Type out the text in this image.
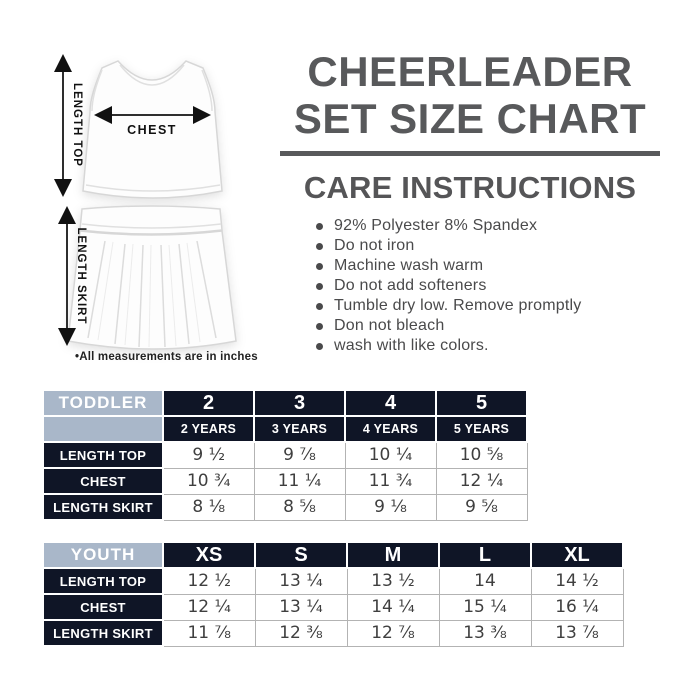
CHEST
LENGTH TOP
LENGTH SKIRT
•All measurements are in inches
CHEERLEADER
SET SIZE CHART
CARE INSTRUCTIONS
92% Polyester 8% Spandex
Do not iron
Machine wash warm
Do not add softeners
Tumble dry low. Remove promptly
Don not bleach
wash with like colors.
TODDLER	2	3	4	5
	2 YEARS	3 YEARS	4 YEARS	5 YEARS
LENGTH TOP	9 ½	9 ⅞	10 ¼	10 ⅝
CHEST	10 ¾	11 ¼	11 ¾	12 ¼
LENGTH SKIRT	8 ⅛	8 ⅝	9 ⅛	9 ⅝
YOUTH	XS	S	M	L	XL
LENGTH TOP	12 ½	13 ¼	13 ½	14	14 ½
CHEST	12 ¼	13 ¼	14 ¼	15 ¼	16 ¼
LENGTH SKIRT	11 ⅞	12 ⅜	12 ⅞	13 ⅜	13 ⅞
